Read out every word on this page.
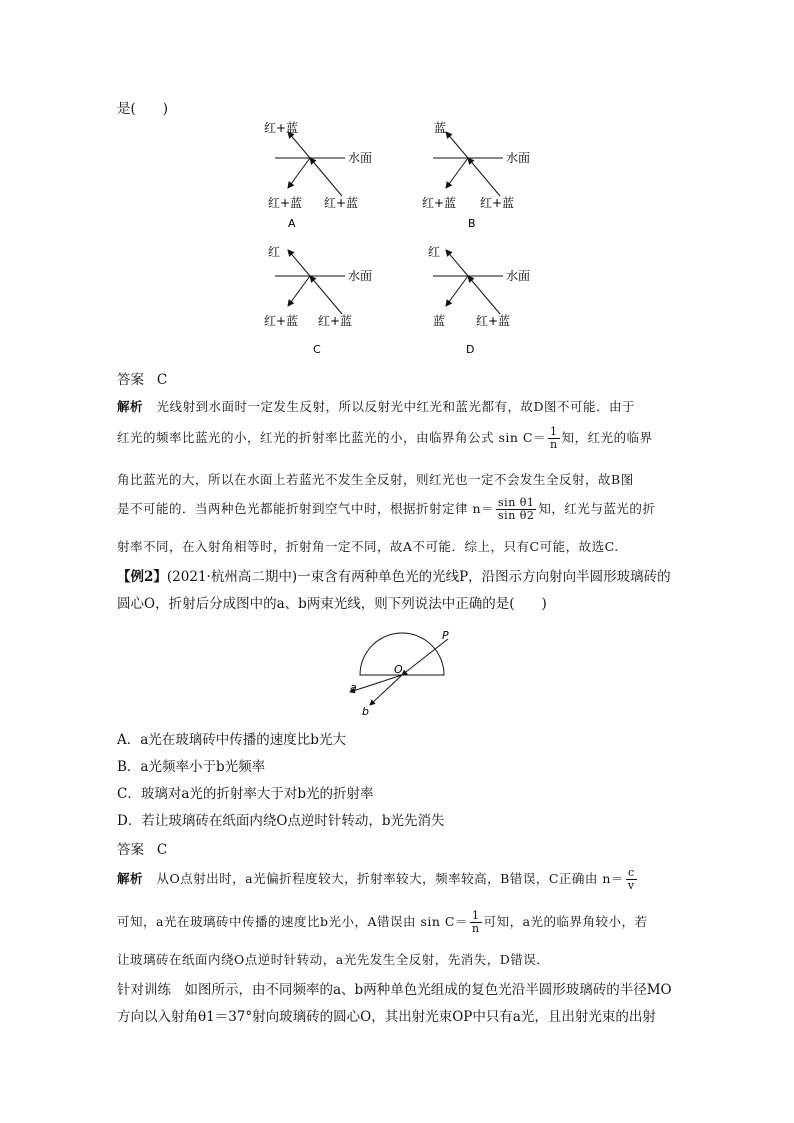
是(　　)
红+蓝
水面
红+蓝 红+蓝
A
蓝
水面
红+蓝 红+蓝
B
红
水面
红+蓝 红+蓝
C
红
水面
蓝	红+蓝
D
答案 C
解析 光线射到水面时一定发生反射，所以反射光中红光和蓝光都有，故D图不可能．由于
红光的频率比蓝光的小，红光的折射率比蓝光的小，由临界角公式 $\sin C= \frac{1}{n}$ 知，红光的临界
角比蓝光的大，所以在水面上若蓝光不发生全反射，则红光也一定不会发生全反射，故B图
是不可能的．当两种色光都能折射到空气中时，根据折射定律 $n= \frac{\text{sin θ1}}{\text{sin θ2}}$ 知，红光与蓝光的折
射率不同，在入射角相等时，折射角一定不同，故A不可能．综上，只有C可能，故选C.
【例2】(2021·杭州高二期中)一束含有两种单色光的光线P，沿图示方向射向半圆形玻璃砖的
圆心O，折射后分成图中的a、b两束光线，则下列说法中正确的是(　　)
P
O
a
b
A．a光在玻璃砖中传播的速度比b光大
B．a光频率小于b光频率
C．玻璃对a光的折射率大于对b光的折射率
D．若让玻璃砖在纸面内绕O点逆时针转动，b光先消失
答案 C
解析 从O点射出时，a光偏折程度较大，折射率较大，频率较高，B错误，C正确由 $n= \frac{c}{v}$
可知，a光在玻璃砖中传播的速度比b光小，A错误由 $\sin C= \frac{1}{n}$ 可知，a光的临界角较小，若
让玻璃砖在纸面内绕O点逆时针转动，a光先发生全反射，先消失，D错误．
针对训练　如图所示，由不同频率的a、b两种单色光组成的复色光沿半圆形玻璃砖的半径MO
方向以入射角θ1＝37°射向玻璃砖的圆心O，其出射光束OP中只有a光，且出射光束的出射
